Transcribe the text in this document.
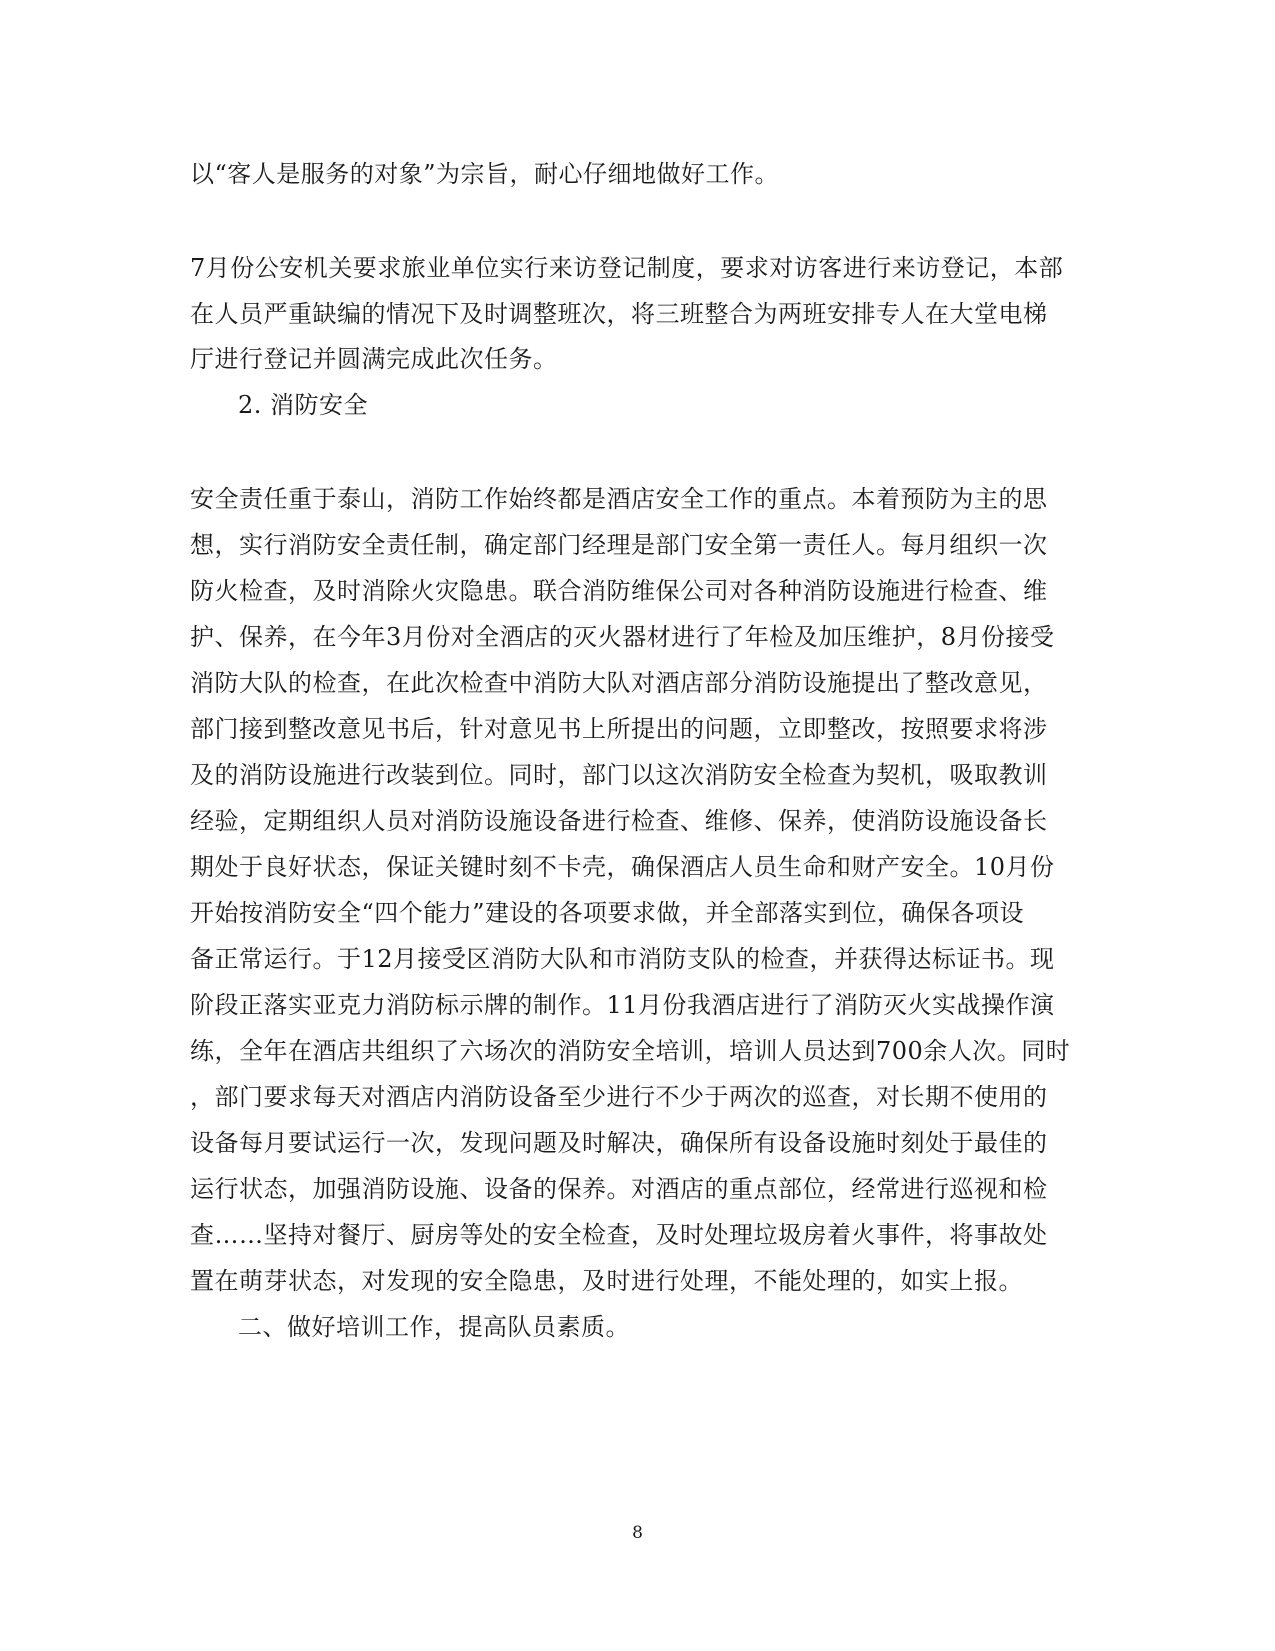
以“客人是服务的对象”为宗旨，耐心仔细地做好工作。
7月份公安机关要求旅业单位实行来访登记制度，要求对访客进行来访登记，本部
在人员严重缺编的情况下及时调整班次，将三班整合为两班安排专人在大堂电梯
厅进行登记并圆满完成此次任务。
2. 消防安全
安全责任重于泰山，消防工作始终都是酒店安全工作的重点。本着预防为主的思
想，实行消防安全责任制，确定部门经理是部门安全第一责任人。每月组织一次
防火检查，及时消除火灾隐患。联合消防维保公司对各种消防设施进行检查、维
护、保养，在今年3月份对全酒店的灭火器材进行了年检及加压维护，8月份接受
消防大队的检查，在此次检查中消防大队对酒店部分消防设施提出了整改意见，
部门接到整改意见书后，针对意见书上所提出的问题，立即整改，按照要求将涉
及的消防设施进行改装到位。同时，部门以这次消防安全检查为契机，吸取教训
经验，定期组织人员对消防设施设备进行检查、维修、保养，使消防设施设备长
期处于良好状态，保证关键时刻不卡壳，确保酒店人员生命和财产安全。10月份
开始按消防安全“四个能力”建设的各项要求做，并全部落实到位，确保各项设
备正常运行。于12月接受区消防大队和市消防支队的检查，并获得达标证书。现
阶段正落实亚克力消防标示牌的制作。11月份我酒店进行了消防灭火实战操作演
练，全年在酒店共组织了六场次的消防安全培训，培训人员达到700余人次。同时
，部门要求每天对酒店内消防设备至少进行不少于两次的巡查，对长期不使用的
设备每月要试运行一次，发现问题及时解决，确保所有设备设施时刻处于最佳的
运行状态，加强消防设施、设备的保养。对酒店的重点部位，经常进行巡视和检
查……坚持对餐厅、厨房等处的安全检查，及时处理垃圾房着火事件，将事故处
置在萌芽状态，对发现的安全隐患，及时进行处理，不能处理的，如实上报。
二、做好培训工作，提高队员素质。
8
